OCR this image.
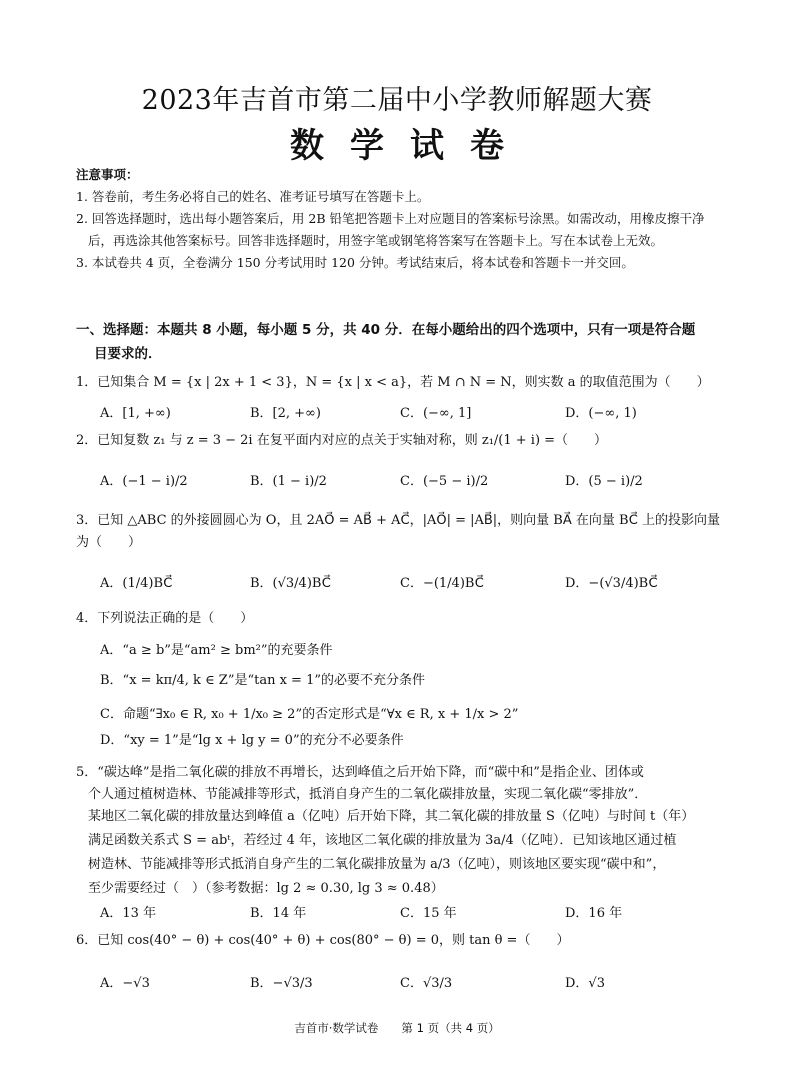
2023年吉首市第二届中小学教师解题大赛
数学试卷
注意事项：
1. 答卷前，考生务必将自己的姓名、准考证号填写在答题卡上。
2. 回答选择题时，选出每小题答案后，用 2B 铅笔把答题卡上对应题目的答案标号涂黑。如需改动，用橡皮擦干净后，再选涂其他答案标号。回答非选择题时，用签字笔或钢笔将答案写在答题卡上。写在本试卷上无效。
3. 本试卷共 4 页，全卷满分 150 分考试用时 120 分钟。考试结束后，将本试卷和答题卡一并交回。
一、选择题：本题共 8 小题，每小题 5 分，共 40 分．在每小题给出的四个选项中，只有一项是符合题
目要求的．
1．已知集合 M = {x | 2x + 1 < 3}，N = {x | x < a}，若 M ∩ N = N，则实数 a 的取值范围为（　　）
A．[1, +∞)	B．[2, +∞)	C．(−∞, 1]	D．(−∞, 1)
2．已知复数 z₁ 与 z = 3 − 2i 在复平面内对应的点关于实轴对称，则 z₁/(1 + i) =（　　）
A．(−1 − i)/2	B．(1 − i)/2	C．(−5 − i)/2	D．(5 − i)/2
3．已知 △ABC 的外接圆圆心为 O，且 2AO⃗ = AB⃗ + AC⃗，|AO⃗| = |AB⃗|，则向量 BA⃗ 在向量 BC⃗ 上的投影向量
为（　　）
A．(1/4)BC⃗	B．(√3/4)BC⃗	C．−(1/4)BC⃗	D．−(√3/4)BC⃗
4．下列说法正确的是（　　）
A．“a ≥ b”是“am² ≥ bm²”的充要条件
B．“x = kπ/4, k ∈ Z”是“tan x = 1”的必要不充分条件
C．命题“∃x₀ ∈ R, x₀ + 1/x₀ ≥ 2”的否定形式是“∀x ∈ R, x + 1/x > 2”
D．“xy = 1”是“lg x + lg y = 0”的充分不必要条件
5．“碳达峰”是指二氧化碳的排放不再增长，达到峰值之后开始下降，而“碳中和”是指企业、团体或
个人通过植树造林、节能减排等形式，抵消自身产生的二氧化碳排放量，实现二氧化碳“零排放”．
某地区二氧化碳的排放量达到峰值 a（亿吨）后开始下降，其二氧化碳的排放量 S（亿吨）与时间 t（年）
满足函数关系式 S = abᵗ，若经过 4 年，该地区二氧化碳的排放量为 3a/4（亿吨）．已知该地区通过植
树造林、节能减排等形式抵消自身产生的二氧化碳排放量为 a/3（亿吨），则该地区要实现“碳中和”，
至少需要经过（　）（参考数据：lg 2 ≈ 0.30, lg 3 ≈ 0.48）
A．13 年	B．14 年	C．15 年	D．16 年
6．已知 cos(40° − θ) + cos(40° + θ) + cos(80° − θ) = 0，则 tan θ =（　　）
A．−√3	B．−√3/3	C．√3/3	D．√3
吉首市·数学试卷　　第 1 页（共 4 页）
